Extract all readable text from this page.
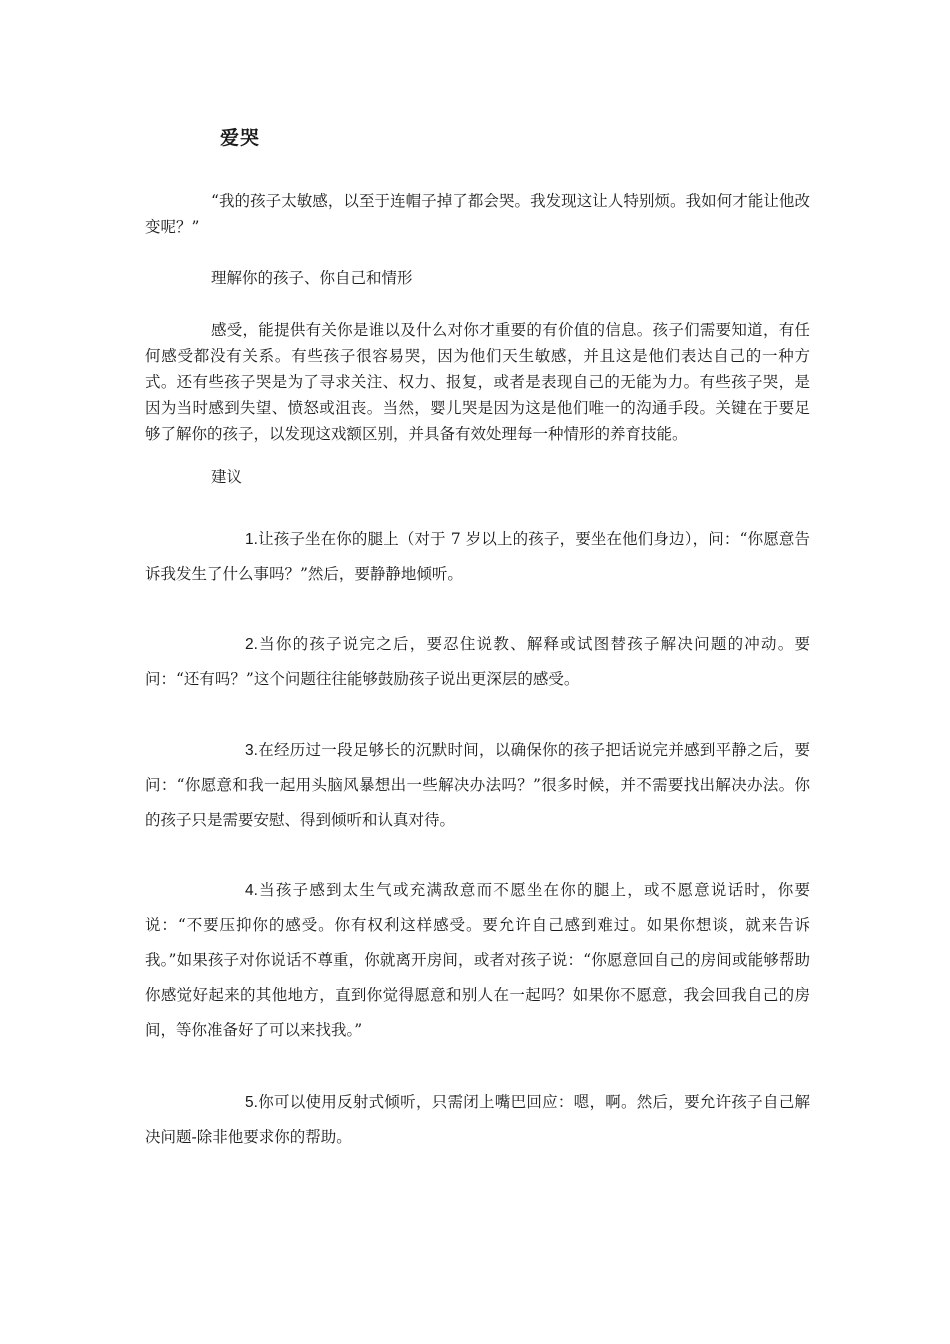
爱哭

“我的孩子太敏感，以至于连帽子掉了都会哭。我发现这让人特别烦。我如何才能让他改变呢？”

理解你的孩子、你自己和情形

感受，能提供有关你是谁以及什么对你才重要的有价值的信息。孩子们需要知道，有任何感受都没有关系。有些孩子很容易哭，因为他们天生敏感，并且这是他们表达自己的一种方式。还有些孩子哭是为了寻求关注、权力、报复，或者是表现自己的无能为力。有些孩子哭，是因为当时感到失望、愤怒或沮丧。当然，婴儿哭是因为这是他们唯一的沟通手段。关键在于要足够了解你的孩子，以发现这戏额区别，并具备有效处理每一种情形的养育技能。

建议

1.让孩子坐在你的腿上（对于 7 岁以上的孩子，要坐在他们身边），问：“你愿意告诉我发生了什么事吗？”然后，要静静地倾听。

2.当你的孩子说完之后，要忍住说教、解释或试图替孩子解决问题的冲动。要问：“还有吗？”这个问题往往能够鼓励孩子说出更深层的感受。

3.在经历过一段足够长的沉默时间，以确保你的孩子把话说完并感到平静之后，要问：“你愿意和我一起用头脑风暴想出一些解决办法吗？”很多时候，并不需要找出解决办法。你的孩子只是需要安慰、得到倾听和认真对待。

4.当孩子感到太生气或充满敌意而不愿坐在你的腿上，或不愿意说话时，你要说：“不要压抑你的感受。你有权利这样感受。要允许自己感到难过。如果你想谈，就来告诉我。”如果孩子对你说话不尊重，你就离开房间，或者对孩子说：“你愿意回自己的房间或能够帮助你感觉好起来的其他地方，直到你觉得愿意和别人在一起吗？如果你不愿意，我会回我自己的房间，等你准备好了可以来找我。”

5.你可以使用反射式倾听，只需闭上嘴巴回应：嗯，啊。然后，要允许孩子自己解决问题-除非他要求你的帮助。
